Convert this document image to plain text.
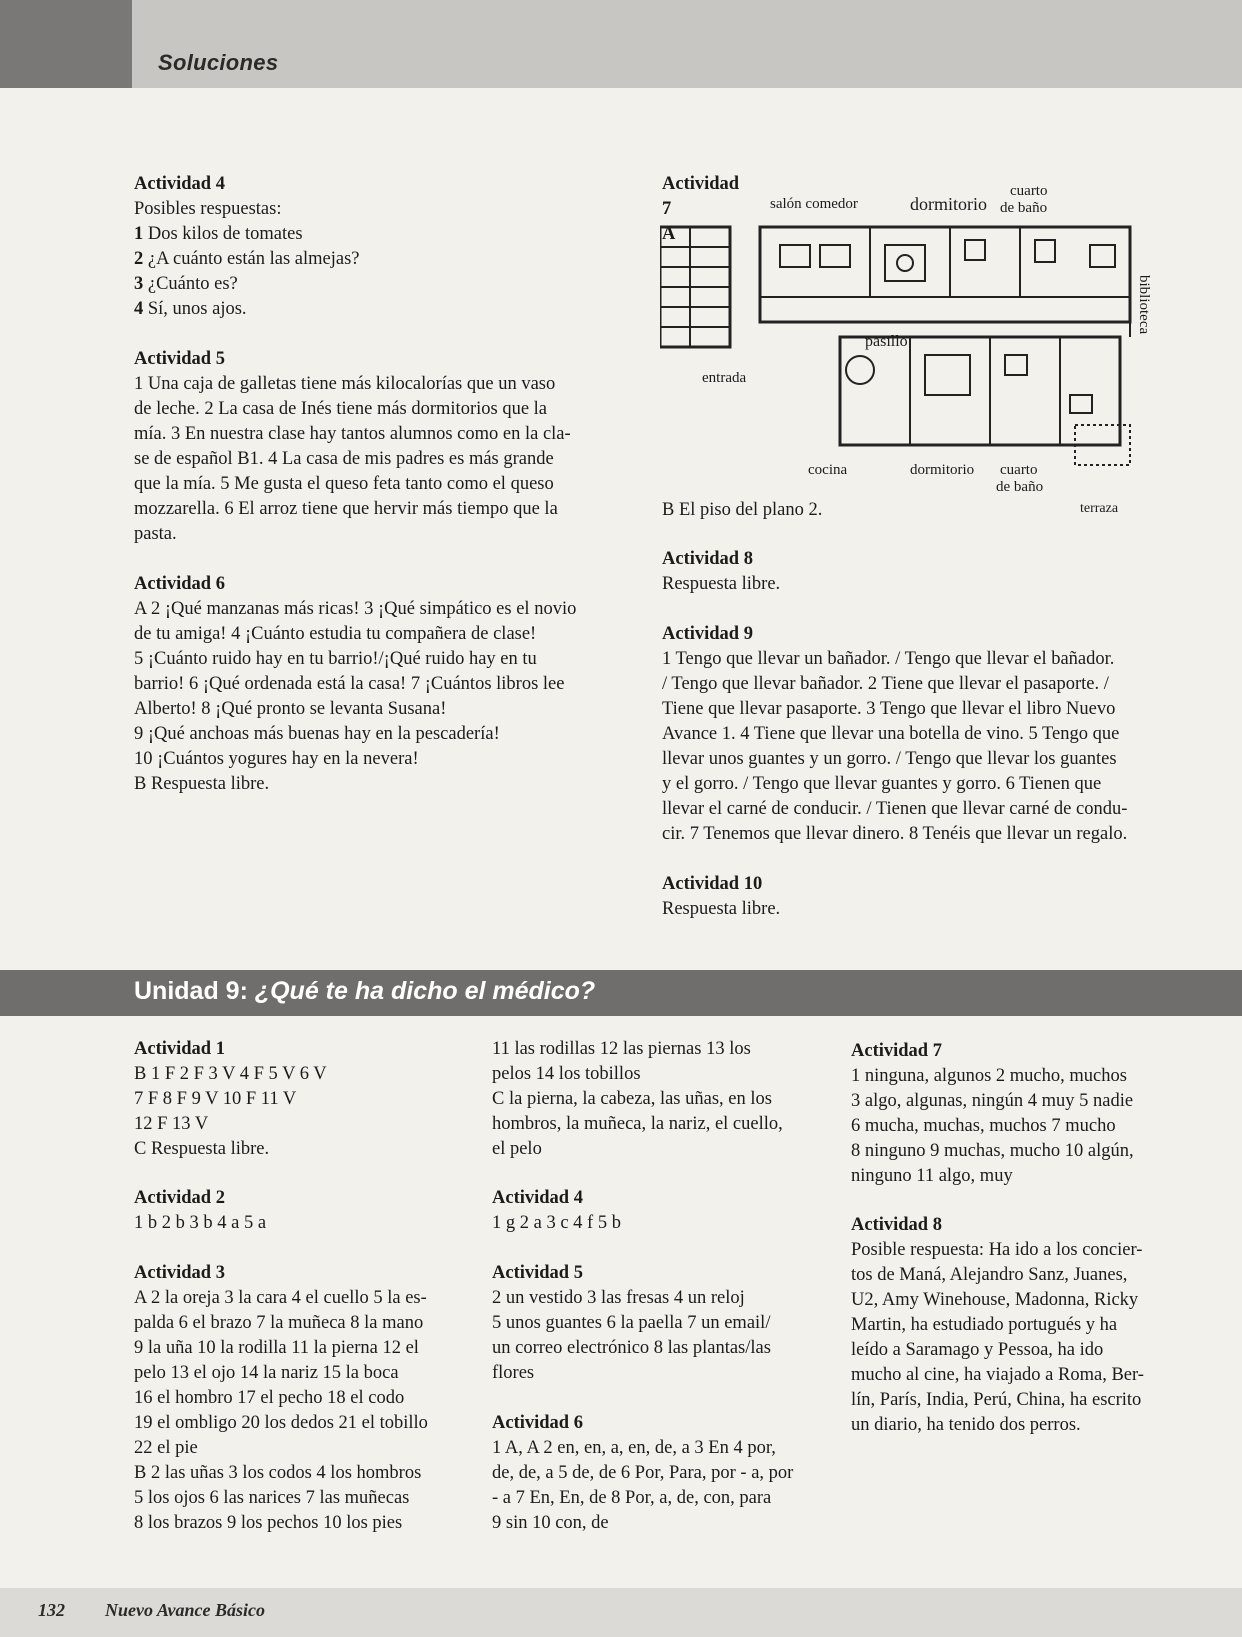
Soluciones

Actividad 4

Posibles respuestas:

1 Dos kilos de tomates

2 ¿A cuánto están las almejas?

3 ¿Cuánto es?

4 Sí, unos ajos.

Actividad 5

1 Una caja de galletas tiene más kilocalorías que un vaso

de leche. 2 La casa de Inés tiene más dormitorios que la

mía. 3 En nuestra clase hay tantos alumnos como en la cla-

se de español B1. 4 La casa de mis padres es más grande

que la mía. 5 Me gusta el queso feta tanto como el queso

mozzarella. 6 El arroz tiene que hervir más tiempo que la

pasta.

Actividad 6

A 2 ¡Qué manzanas más ricas! 3 ¡Qué simpático es el novio

de tu amiga! 4 ¡Cuánto estudia tu compañera de clase!

5 ¡Cuánto ruido hay en tu barrio!/¡Qué ruido hay en tu

barrio! 6 ¡Qué ordenada está la casa! 7 ¡Cuántos libros lee

Alberto! 8 ¡Qué pronto se levanta Susana!

9 ¡Qué anchoas más buenas hay en la pescadería!

10 ¡Cuántos yogures hay en la nevera!

B Respuesta libre.

Actividad 7

A

salón comedor	dormitorio
cuarto
de baño
biblioteca
pasillo
entrada
cocina	dormitorio cuarto
de baño
terraza

B El piso del plano 2.

Actividad 8

Respuesta libre.

Actividad 9

1 Tengo que llevar un bañador. / Tengo que llevar el bañador.

/ Tengo que llevar bañador. 2 Tiene que llevar el pasaporte. /

Tiene que llevar pasaporte. 3 Tengo que llevar el libro Nuevo

Avance 1. 4 Tiene que llevar una botella de vino. 5 Tengo que

llevar unos guantes y un gorro. / Tengo que llevar los guantes

y el gorro. / Tengo que llevar guantes y gorro. 6 Tienen que

llevar el carné de conducir. / Tienen que llevar carné de condu-

cir. 7 Tenemos que llevar dinero. 8 Tenéis que llevar un regalo.

Actividad 10

Respuesta libre.

Unidad 9: ¿Qué te ha dicho el médico?

Actividad 1

B 1 F 2 F 3 V 4 F 5 V 6 V

7 F 8 F 9 V 10 F 11 V

12 F 13 V

C Respuesta libre.

Actividad 2

1 b 2 b 3 b 4 a 5 a

Actividad 3

A 2 la oreja 3 la cara 4 el cuello 5 la es-

palda 6 el brazo 7 la muñeca 8 la mano

9 la uña 10 la rodilla 11 la pierna 12 el

pelo 13 el ojo 14 la nariz 15 la boca

16 el hombro 17 el pecho 18 el codo

19 el ombligo 20 los dedos 21 el tobillo

22 el pie

B 2 las uñas 3 los codos 4 los hombros

5 los ojos 6 las narices 7 las muñecas

8 los brazos 9 los pechos 10 los pies

11 las rodillas 12 las piernas 13 los

pelos 14 los tobillos

C la pierna, la cabeza, las uñas, en los

hombros, la muñeca, la nariz, el cuello,

el pelo

Actividad 4

1 g 2 a 3 c 4 f 5 b

Actividad 5

2 un vestido 3 las fresas 4 un reloj

5 unos guantes 6 la paella 7 un email/

un correo electrónico 8 las plantas/las

flores

Actividad 6

1 A, A 2 en, en, a, en, de, a 3 En 4 por,

de, de, a 5 de, de 6 Por, Para, por - a, por

- a 7 En, En, de 8 Por, a, de, con, para

9 sin 10 con, de

Actividad 7

1 ninguna, algunos 2 mucho, muchos

3 algo, algunas, ningún 4 muy 5 nadie

6 mucha, muchas, muchos 7 mucho

8 ninguno 9 muchas, mucho 10 algún,

ninguno 11 algo, muy

Actividad 8

Posible respuesta: Ha ido a los concier-

tos de Maná, Alejandro Sanz, Juanes,

U2, Amy Winehouse, Madonna, Ricky

Martin, ha estudiado portugués y ha

leído a Saramago y Pessoa, ha ido

mucho al cine, ha viajado a Roma, Ber-

lín, París, India, Perú, China, ha escrito

un diario, ha tenido dos perros.

132 Nuevo Avance Básico
